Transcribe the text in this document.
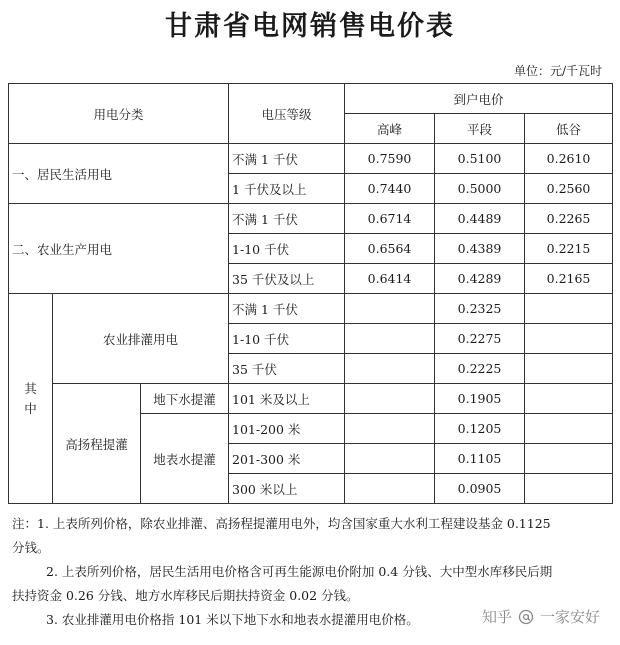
甘肃省电网销售电价表
单位：元/千瓦时
用电分类			电压等级	到户电价		
				高峰	平段	低谷
一、居民生活用电			不满 1 千伏	0.7590	0.5100	0.2610
			1 千伏及以上	0.7440	0.5000	0.2560
二、农业生产用电			不满 1 千伏	0.6714	0.4489	0.2265
			1-10 千伏	0.6564	0.4389	0.2215
			35 千伏及以上	0.6414	0.4289	0.2165
其
中	农业排灌用电		不满 1 千伏		0.2325	
			1-10 千伏		0.2275	
			35 千伏		0.2225	
	高扬程提灌	地下水提灌	101 米及以上		0.1905	
		地表水提灌	101-200 米		0.1205	
			201-300 米		0.1105	
			300 米以上		0.0905	

注：1. 上表所列价格，除农业排灌、高扬程提灌用电外，均含国家重大水利工程建设基金 0.1125

分钱。

2. 上表所列价格，居民生活用电价格含可再生能源电价附加 0.4 分钱、大中型水库移民后期

扶持资金 0.26 分钱、地方水库移民后期扶持资金 0.02 分钱。

3. 农业排灌用电价格指 101 米以下地下水和地表水提灌用电价格。	知乎 一家安好
